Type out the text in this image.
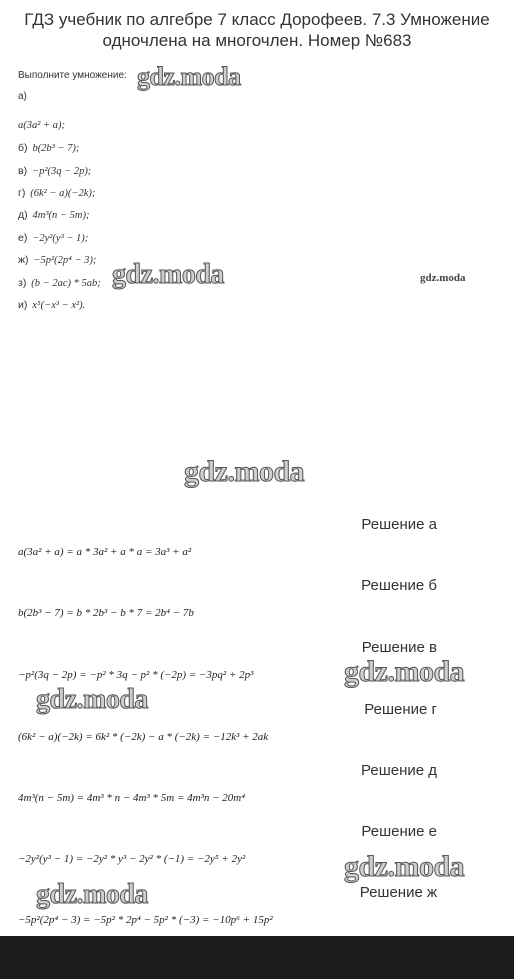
ГДЗ учебник по алгебре 7 класс Дорофеев. 7.3 Умножение
одночлена на многочлен. Номер №683
Выполните умножение:
а)
a(3a² + a);
б) b(2b³ − 7);
в) −p²(3q − 2p);
г) (6k² − a)(−2k);
д) 4m³(n − 5m);
е) −2y²(y³ − 1);
ж) −5p²(2p⁴ − 3);
з) (b − 2ac) * 5ab;
и) x⁵(−x³ − x²).
gdz.moda
gdz.moda	gdz.moda
gdz.moda
gdz.moda
gdz.moda
gdz.moda
gdz.moda
Решение а
a(3a² + a) = a * 3a² + a * a = 3a³ + a²
Решение б
b(2b³ − 7) = b * 2b³ − b * 7 = 2b⁴ − 7b
Решение в
−p²(3q − 2p) = −p² * 3q − p² * (−2p) = −3pq² + 2p³
Решение г
(6k² − a)(−2k) = 6k² * (−2k) − a * (−2k) = −12k³ + 2ak
Решение д
4m³(n − 5m) = 4m³ * n − 4m³ * 5m = 4m³n − 20m⁴
Решение е
−2y²(y³ − 1) = −2y² * y³ − 2y² * (−1) = −2y⁵ + 2y²
Решение ж
−5p²(2p⁴ − 3) = −5p² * 2p⁴ − 5p² * (−3) = −10p⁶ + 15p²
